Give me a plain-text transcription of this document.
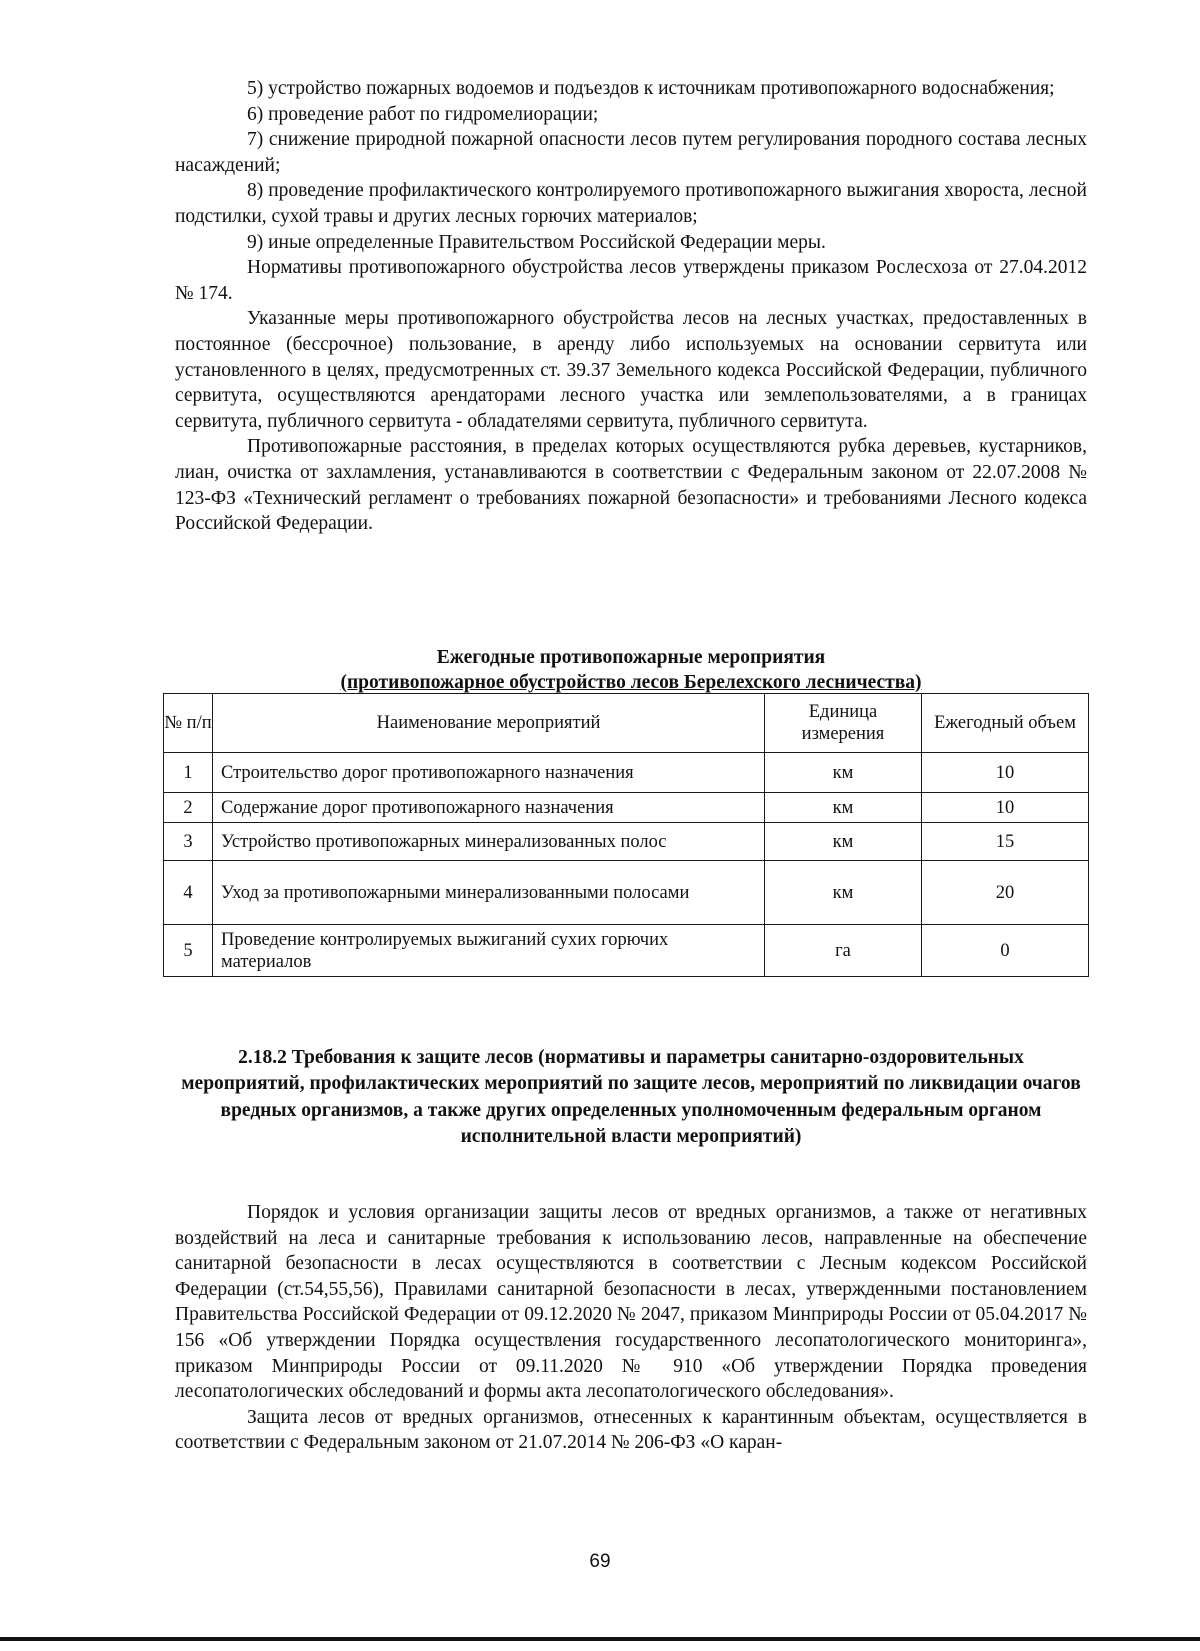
5) устройство пожарных водоемов и подъездов к источникам противопожарного водоснабжения;

6) проведение работ по гидромелиорации;

7) снижение природной пожарной опасности лесов путем регулирования породного состава лесных насаждений;

8) проведение профилактического контролируемого противопожарного выжигания хвороста, лесной подстилки, сухой травы и других лесных горючих материалов;

9) иные определенные Правительством Российской Федерации меры.

Нормативы противопожарного обустройства лесов утверждены приказом Рослесхоза от 27.04.2012 № 174.

Указанные меры противопожарного обустройства лесов на лесных участках, предоставленных в постоянное (бессрочное) пользование, в аренду либо используемых на основании сервитута или установленного в целях, предусмотренных ст. 39.37 Земельного кодекса Российской Федерации, публичного сервитута, осуществляются арендаторами лесного участка или землепользователями, а в границах сервитута, публичного сервитута - обладателями сервитута, публичного сервитута.

Противопожарные расстояния, в пределах которых осуществляются рубка деревьев, кустарников, лиан, очистка от захламления, устанавливаются в соответствии с Федеральным законом от 22.07.2008 № 123-ФЗ «Технический регламент о требованиях пожарной безопасности» и требованиями Лесного кодекса Российской Федерации.

Ежегодные противопожарные мероприятия
(противопожарное обустройство лесов Берелехского лесничества)
№ п/п	Наименование мероприятий	Единица измерения	Ежегодный объем
1	Строительство дорог противопожарного назначения	км	10
2	Содержание дорог противопожарного назначения	км	10
3	Устройство противопожарных минерализованных полос	км	15
4	Уход за противопожарными минерализованными полосами	км	20
5	Проведение контролируемых выжиганий сухих горючих материалов	га	0
2.18.2 Требования к защите лесов (нормативы и параметры санитарно-оздоровительных мероприятий, профилактических мероприятий по защите лесов, мероприятий по ликвидации очагов вредных организмов, а также других определенных уполномоченным федеральным органом исполнительной власти мероприятий)

Порядок и условия организации защиты лесов от вредных организмов, а также от негативных воздействий на леса и санитарные требования к использованию лесов, направленные на обеспечение санитарной безопасности в лесах осуществляются в соответствии с Лесным кодексом Российской Федерации (ст.54,55,56), Правилами санитарной безопасности в лесах, утвержденными постановлением Правительства Российской Федерации от 09.12.2020 № 2047, приказом Минприроды России от 05.04.2017 № 156 «Об утверждении Порядка осуществления государственного лесопатологического мониторинга», приказом Минприроды России от 09.11.2020 № 910 «Об утверждении Порядка проведения лесопатологических обследований и формы акта лесопатологического обследования».

Защита лесов от вредных организмов, отнесенных к карантинным объектам, осуществляется в соответствии с Федеральным законом от 21.07.2014 № 206-ФЗ «О каран-

69
